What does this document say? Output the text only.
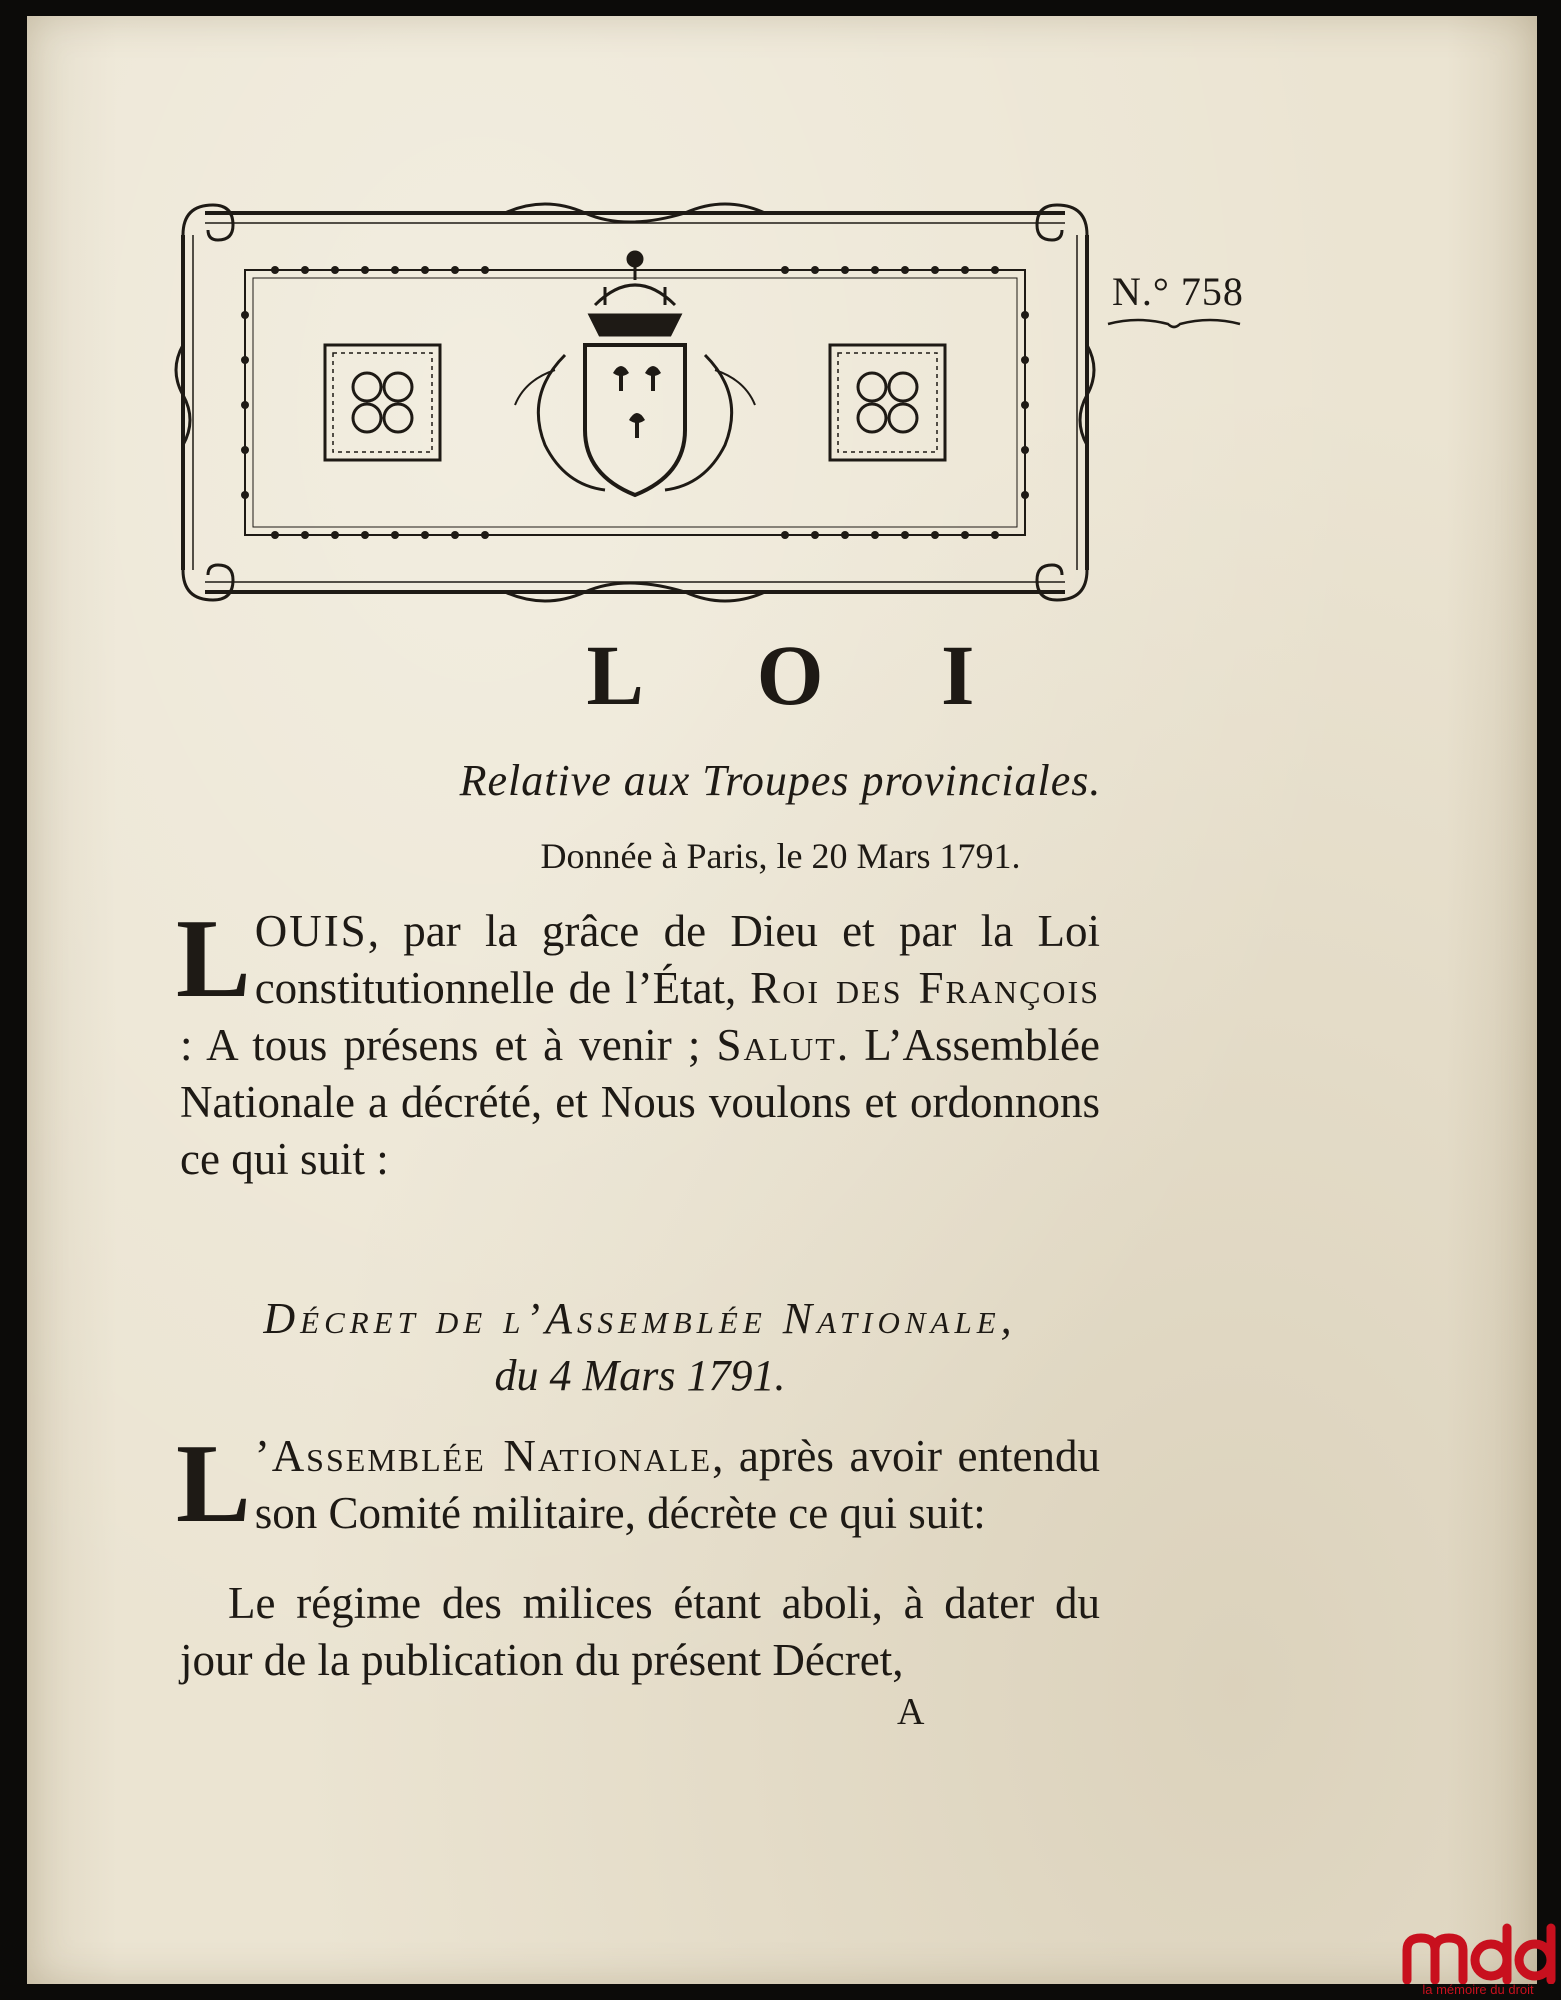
N.° 758
L O I
Relative aux Troupes provinciales.
Donnée à Paris, le 20 Mars 1791.

LOUIS, par la grâce de Dieu et par la Loi constitutionnelle de l’État, Roi des François : A tous présens et à venir ; Salut. L’Assemblée Nationale a décrété, et Nous voulons et ordonnons ce qui suit :

Décret de l’Assemblée Nationale,
du 4 Mars 1791.

L ’Assemblée Nationale, après avoir entendu son Comité militaire, décrète ce qui suit:

Le régime des milices étant aboli, à dater du jour de la publication du présent Décret,

A
la mémoire du droit
